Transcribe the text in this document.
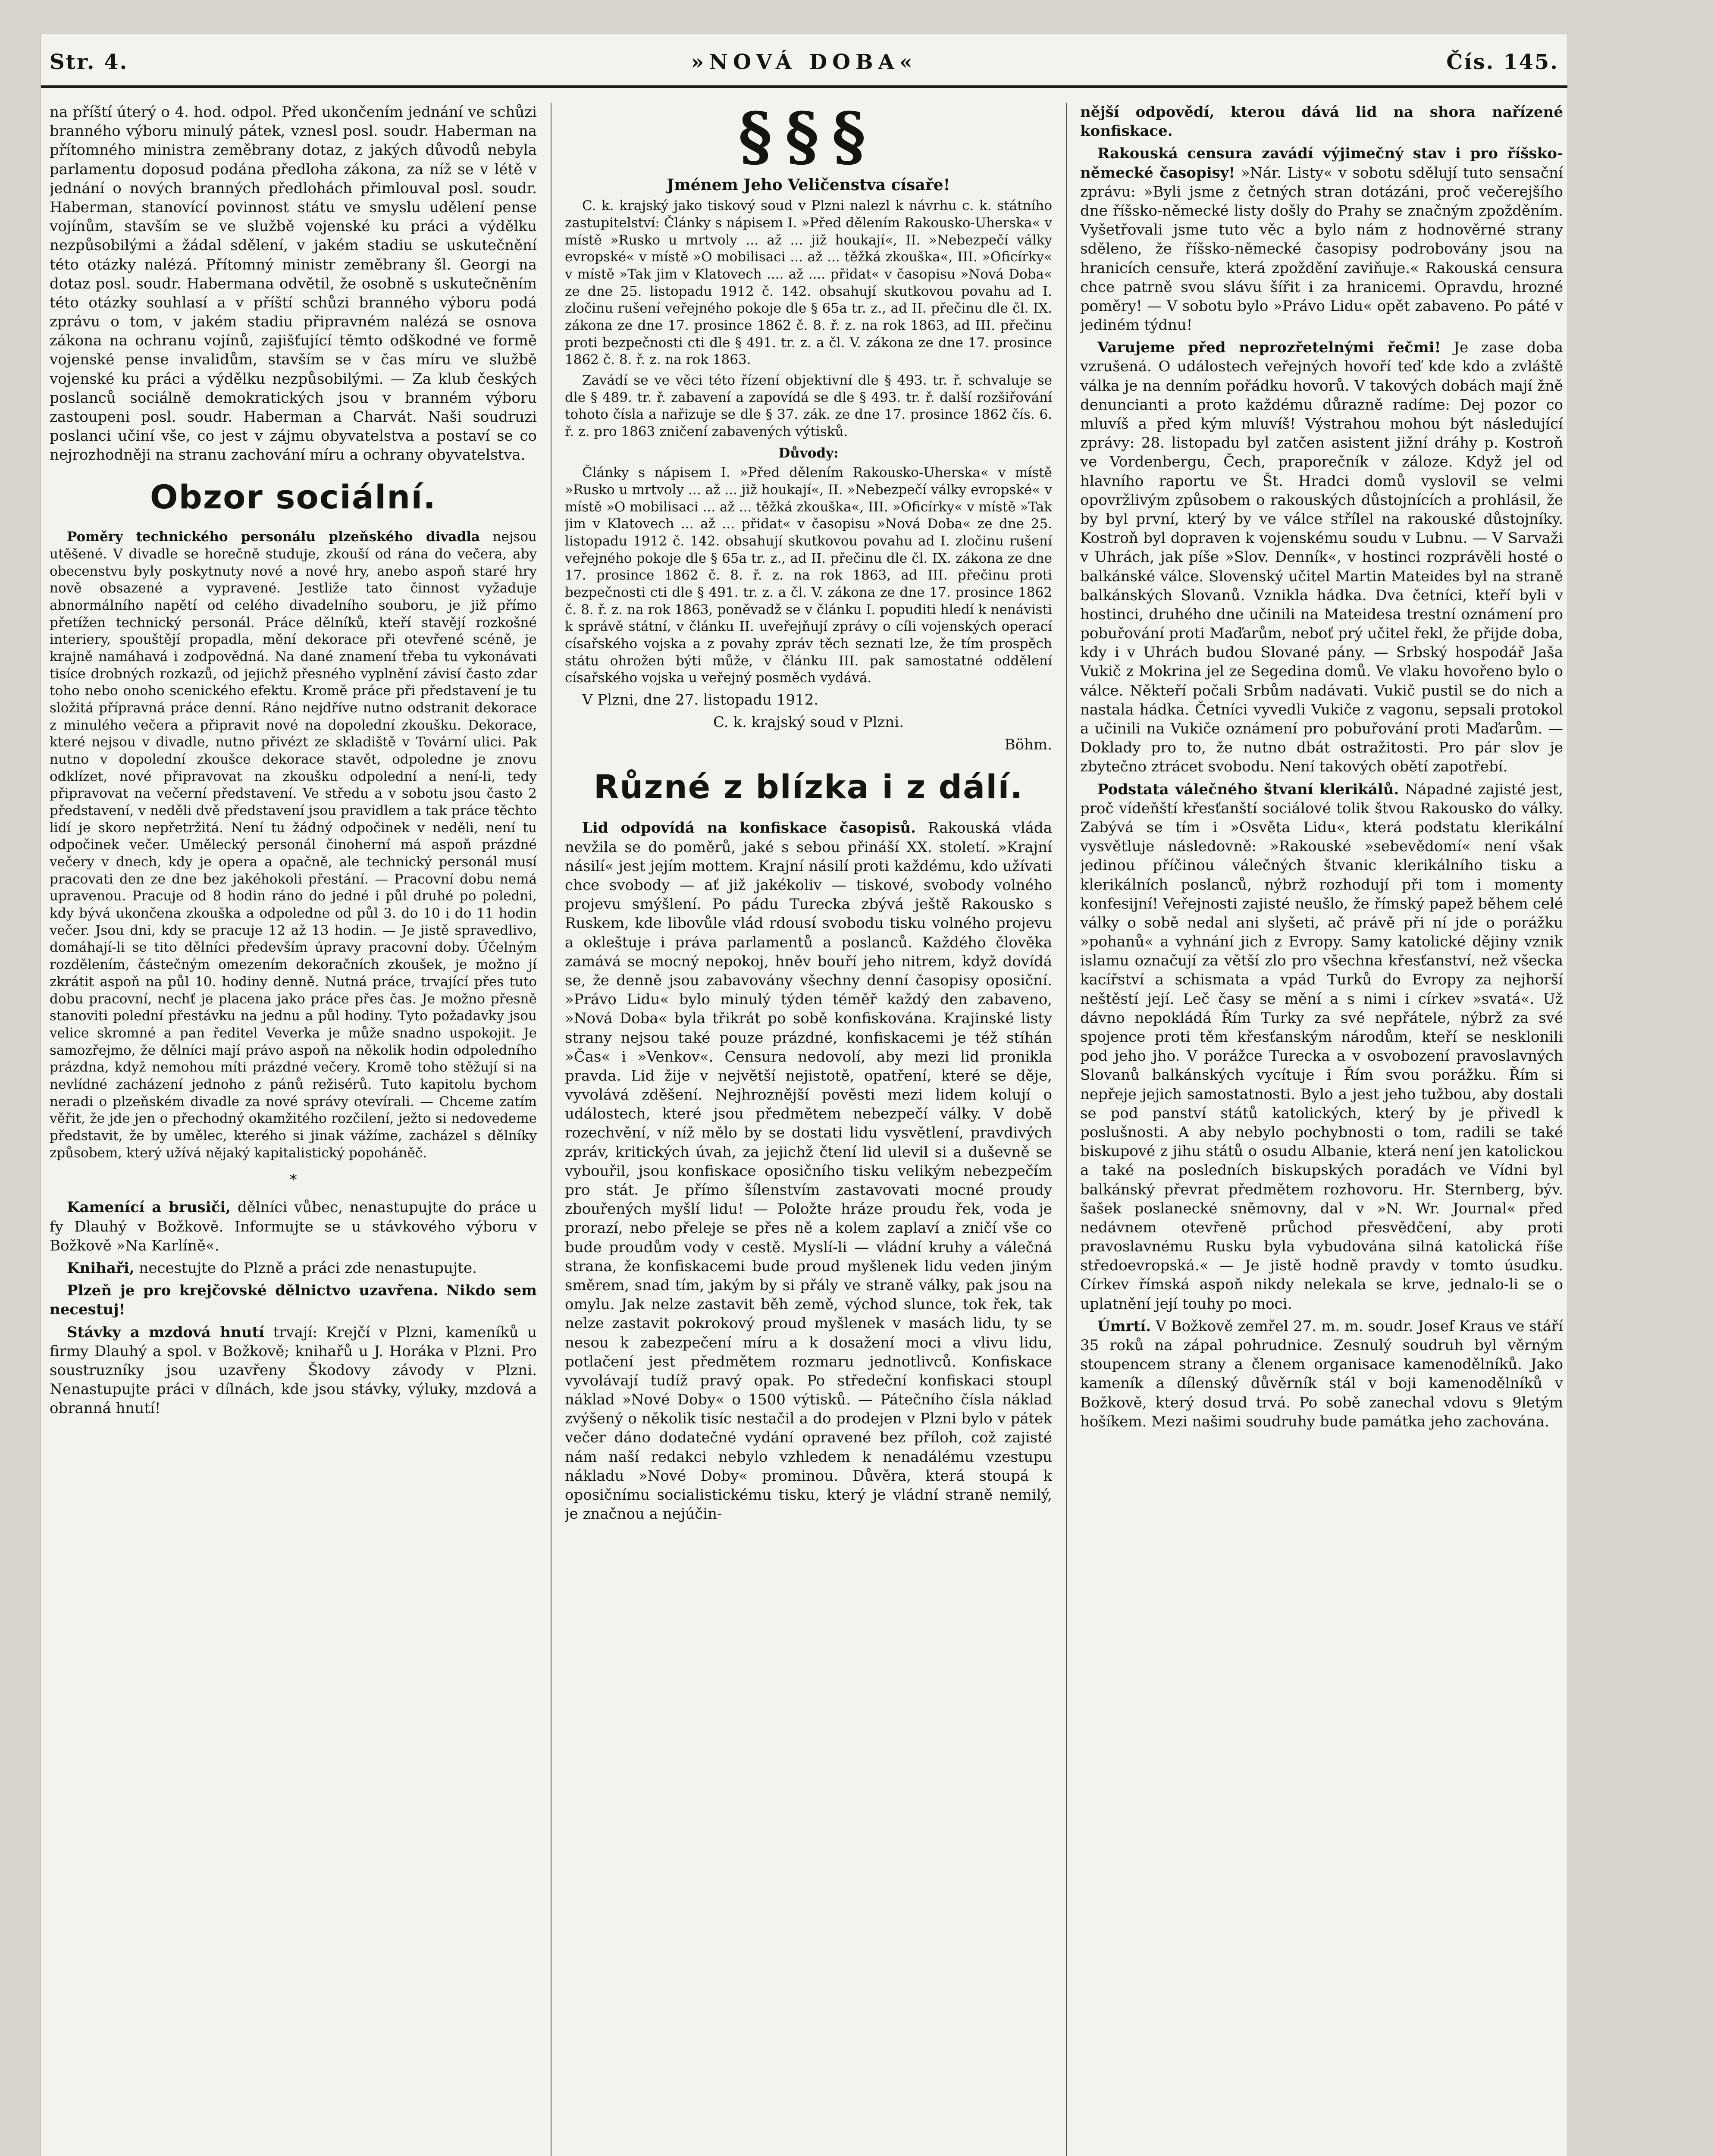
Str. 4.	»NOVÁ DOBA«	Čís. 145.

na příští úterý o 4. hod. odpol. Před ukončením jednání ve schůzi branného výboru minulý pátek, vznesl posl. soudr. Haberman na přítomného ministra zeměbrany dotaz, z jakých důvodů nebyla parlamentu doposud podána předloha zákona, za níž se v létě v jednání o nových branných předlohách přimlouval posl. soudr. Haberman, stanovící povinnost státu ve smyslu udělení pense vojínům, stavším se ve službě vojenské ku práci a výdělku nezpůsobilými a žádal sdělení, v jakém stadiu se uskutečnění této otázky nalézá. Přítomný ministr zeměbrany šl. Georgi na dotaz posl. soudr. Habermana odvětil, že osobně s uskutečněním této otázky souhlasí a v příští schůzi branného výboru podá zprávu o tom, v jakém stadiu připravném nalézá se osnova zákona na ochranu vojínů, zajišťující těmto odškodné ve formě vojenské pense invalidům, stavším se v čas míru ve službě vojenské ku práci a výdělku nezpůsobilými. — Za klub českých poslanců sociálně demokratických jsou v branném výboru zastoupeni posl. soudr. Haberman a Charvát. Naši soudruzi poslanci učiní vše, co jest v zájmu obyvatelstva a postaví se co nejrozhodněji na stranu zachování míru a ochrany obyvatelstva.

Obzor sociální.

Poměry technického personálu plzeňského divadla nejsou utěšené. V divadle se horečně studuje, zkouší od rána do večera, aby obecenstvu byly poskytnuty nové a nové hry, anebo aspoň staré hry nově obsazené a vypravené. Jestliže tato činnost vyžaduje abnormálního napětí od celého divadelního souboru, je již přímo přetížen technický personál. Práce dělníků, kteří stavějí rozkošné interiery, spouštějí propadla, mění dekorace při otevřené scéně, je krajně namáhavá i zodpovědná. Na dané znamení třeba tu vykonávati tisíce drobných rozkazů, od jejichž přesného vyplnění závisí často zdar toho nebo onoho scenického efektu. Kromě práce při představení je tu složitá přípravná práce denní. Ráno nejdříve nutno odstranit dekorace z minulého večera a připravit nové na dopolední zkoušku. Dekorace, které nejsou v divadle, nutno přivézt ze skladiště v Tovární ulici. Pak nutno v dopolední zkoušce dekorace stavět, odpoledne je znovu odklízet, nové připravovat na zkoušku odpolední a není-li, tedy připravovat na večerní představení. Ve středu a v sobotu jsou často 2 představení, v neděli dvě představení jsou pravidlem a tak práce těchto lidí je skoro nepřetržitá. Není tu žádný odpočinek v neděli, není tu odpočinek večer. Umělecký personál činoherní má aspoň prázdné večery v dnech, kdy je opera a opačně, ale technický personál musí pracovati den ze dne bez jakéhokoli přestání. — Pracovní dobu nemá upravenou. Pracuje od 8 hodin ráno do jedné i půl druhé po poledni, kdy bývá ukončena zkouška a odpoledne od půl 3. do 10 i do 11 hodin večer. Jsou dni, kdy se pracuje 12 až 13 hodin. — Je jistě spravedlivo, domáhají-li se tito dělníci především úpravy pracovní doby. Účelným rozdělením, částečným omezením dekoračních zkoušek, je možno jí zkrátit aspoň na půl 10. hodiny denně. Nutná práce, trvající přes tuto dobu pracovní, nechť je placena jako práce přes čas. Je možno přesně stanoviti polední přestávku na jednu a půl hodiny. Tyto požadavky jsou velice skromné a pan ředitel Veverka je může snadno uspokojit. Je samozřejmo, že dělníci mají právo aspoň na několik hodin odpoledního prázdna, když nemohou míti prázdné večery. Kromě toho stěžují si na nevlídné zacházení jednoho z pánů režisérů. Tuto kapitolu bychom neradi o plzeňském divadle za nové správy otevírali. — Chceme zatím věřit, že jde jen o přechodný okamžitého rozčilení, ježto si nedovedeme představit, že by umělec, kterého si jinak vážíme, zacházel s dělníky způsobem, který užívá nějaký kapitalistický popoháněč.

*

Kamenící a brusiči, dělníci vůbec, nenastupujte do práce u fy Dlauhý v Božkově. Informujte se u stávkového výboru v Božkově »Na Karlíně«.

Knihaři, necestujte do Plzně a práci zde nenastupujte.

Plzeň je pro krejčovské dělnictvo uzavřena. Nikdo sem necestuj!

Stávky a mzdová hnutí trvají: Krejčí v Plzni, kameníků u firmy Dlauhý a spol. v Božkově; knihařů u J. Horáka v Plzni. Pro soustruzníky jsou uzavřeny Škodovy závody v Plzni. Nenastupujte práci v dílnách, kde jsou stávky, výluky, mzdová a obranná hnutí!

§§§

Jménem Jeho Veličenstva císaře!

C. k. krajský jako tiskový soud v Plzni nalezl k návrhu c. k. státního zastupitelství: Články s nápisem I. »Před dělením Rakousko-Uherska« v místě »Rusko u mrtvoly ... až ... již houkají«, II. »Nebezpečí války evropské« v místě »O mobilisaci ... až ... těžká zkouška«, III. »Oficírky« v místě »Tak jim v Klatovech .... až .... přidat« v časopisu »Nová Doba« ze dne 25. listopadu 1912 č. 142. obsahují skutkovou povahu ad I. zločinu rušení veřejného pokoje dle § 65a tr. z., ad II. přečinu dle čl. IX. zákona ze dne 17. prosince 1862 č. 8. ř. z. na rok 1863, ad III. přečinu proti bezpečnosti cti dle § 491. tr. z. a čl. V. zákona ze dne 17. prosince 1862 č. 8. ř. z. na rok 1863.

Zavádí se ve věci této řízení objektivní dle § 493. tr. ř. schvaluje se dle § 489. tr. ř. zabavení a zapovídá se dle § 493. tr. ř. další rozšiřování tohoto čísla a nařizuje se dle § 37. zák. ze dne 17. prosince 1862 čís. 6. ř. z. pro 1863 zničení zabavených výtisků.

Důvody:

Články s nápisem I. »Před dělením Rakousko-Uherska« v místě »Rusko u mrtvoly ... až ... již houkají«, II. »Nebezpečí války evropské« v místě »O mobilisaci ... až ... těžká zkouška«, III. »Oficírky« v místě »Tak jim v Klatovech ... až ... přidat« v časopisu »Nová Doba« ze dne 25. listopadu 1912 č. 142. obsahují skutkovou povahu ad I. zločinu rušení veřejného pokoje dle § 65a tr. z., ad II. přečinu dle čl. IX. zákona ze dne 17. prosince 1862 č. 8. ř. z. na rok 1863, ad III. přečinu proti bezpečnosti cti dle § 491. tr. z. a čl. V. zákona ze dne 17. prosince 1862 č. 8. ř. z. na rok 1863, poněvadž se v článku I. popuditi hledí k nenávisti k správě státní, v článku II. uveřejňují zprávy o cíli vojenských operací císařského vojska a z povahy zpráv těch seznati lze, že tím prospěch státu ohrožen býti může, v článku III. pak samostatné oddělení císařského vojska u veřejný posměch vydává.

V Plzni, dne 27. listopadu 1912.

C. k. krajský soud v Plzni.

Böhm.

Různé z blízka i z dálí.

Lid odpovídá na konfiskace časopisů. Rakouská vláda nevžila se do poměrů, jaké s sebou přináší XX. století. »Krajní násilí« jest jejím mottem. Krajní násilí proti každému, kdo užívati chce svobody — ať již jakékoliv — tiskové, svobody volného projevu smýšlení. Po pádu Turecka zbývá ještě Rakousko s Ruskem, kde libovůle vlád rdousí svobodu tisku volného projevu a okleštuje i práva parlamentů a poslanců. Každého člověka zamává se mocný nepokoj, hněv bouří jeho nitrem, když dovídá se, že denně jsou zabavovány všechny denní časopisy oposiční. »Právo Lidu« bylo minulý týden téměř každý den zabaveno, »Nová Doba« byla třikrát po sobě konfiskována. Krajinské listy strany nejsou také pouze prázdné, konfiskacemi je též stíhán »Čas« i »Venkov«. Censura nedovolí, aby mezi lid pronikla pravda. Lid žije v největší nejistotě, opatření, které se děje, vyvolává zděšení. Nejhroznější pověsti mezi lidem kolují o událostech, které jsou předmětem nebezpečí války. V době rozechvění, v níž mělo by se dostati lidu vysvětlení, pravdivých zpráv, kritických úvah, za jejichž čtení lid ulevil si a duševně se vybouřil, jsou konfiskace oposičního tisku velikým nebezpečím pro stát. Je přímo šílenstvím zastavovati mocné proudy zbouřených myšlí lidu! — Položte hráze proudu řek, voda je prorazí, nebo přeleje se přes ně a kolem zaplaví a zničí vše co bude proudům vody v cestě. Myslí-li — vládní kruhy a válečná strana, že konfiskacemi bude proud myšlenek lidu veden jiným směrem, snad tím, jakým by si přály ve straně války, pak jsou na omylu. Jak nelze zastavit běh země, východ slunce, tok řek, tak nelze zastavit pokrokový proud myšlenek v masách lidu, ty se nesou k zabezpečení míru a k dosažení moci a vlivu lidu, potlačení jest předmětem rozmaru jednotlivců. Konfiskace vyvolávají tudíž pravý opak. Po středeční konfiskaci stoupl náklad »Nové Doby« o 1500 výtisků. — Pátečního čísla náklad zvýšený o několik tisíc nestačil a do prodejen v Plzni bylo v pátek večer dáno dodatečné vydání opravené bez příloh, což zajisté nám naší redakci nebylo vzhledem k nenadálému vzestupu nákladu »Nové Doby« prominou. Důvěra, která stoupá k oposičnímu socialistickému tisku, který je vládní straně nemilý, je značnou a nejúčin-

nější odpovědí, kterou dává lid na shora nařízené konfiskace.

Rakouská censura zavádí výjimečný stav i pro říšsko-německé časopisy! »Nár. Listy« v sobotu sdělují tuto sensační zprávu: »Byli jsme z četných stran dotázáni, proč večerejšího dne říšsko-německé listy došly do Prahy se značným zpožděním. Vyšetřovali jsme tuto věc a bylo nám z hodnověrné strany sděleno, že říšsko-německé časopisy podrobovány jsou na hranicích censuře, která zpoždění zaviňuje.« Rakouská censura chce patrně svou slávu šířit i za hranicemi. Opravdu, hrozné poměry! — V sobotu bylo »Právo Lidu« opět zabaveno. Po páté v jediném týdnu!

Varujeme před neprozřetelnými řečmi! Je zase doba vzrušená. O událostech veřejných hovoří teď kde kdo a zvláště válka je na denním pořádku hovorů. V takových dobách mají žně denuncianti a proto každému důrazně radíme: Dej pozor co mluvíš a před kým mluvíš! Výstrahou mohou být následující zprávy: 28. listopadu byl zatčen asistent jižní dráhy p. Kostroň ve Vordenbergu, Čech, praporečník v záloze. Když jel od hlavního raportu ve Št. Hradci domů vyslovil se velmi opovržlivým způsobem o rakouských důstojnících a prohlásil, že by byl první, který by ve válce střílel na rakouské důstojníky. Kostroň byl dopraven k vojenskému soudu v Lubnu. — V Sarvaži v Uhrách, jak píše »Slov. Denník«, v hostinci rozprávěli hosté o balkánské válce. Slovenský učitel Martin Mateides byl na straně balkánských Slovanů. Vznikla hádka. Dva četníci, kteří byli v hostinci, druhého dne učinili na Mateidesa trestní oznámení pro pobuřování proti Maďarům, neboť prý učitel řekl, že přijde doba, kdy i v Uhrách budou Slované pány. — Srbský hospodář Jaša Vukič z Mokrina jel ze Segedina domů. Ve vlaku hovořeno bylo o válce. Někteří počali Srbům nadávati. Vukič pustil se do nich a nastala hádka. Četníci vyvedli Vukiče z vagonu, sepsali protokol a učinili na Vukiče oznámení pro pobuřování proti Maďarům. — Doklady pro to, že nutno dbát ostražitosti. Pro pár slov je zbytečno ztrácet svobodu. Není takových obětí zapotřebí.

Podstata válečného štvaní klerikálů. Nápadné zajisté jest, proč vídeňští křesťanští sociálové tolik štvou Rakousko do války. Zabývá se tím i »Osvěta Lidu«, která podstatu klerikální vysvětluje následovně: »Rakouské »sebevědomí« není však jedinou příčinou válečných štvanic klerikálního tisku a klerikálních poslanců, nýbrž rozhodují při tom i momenty konfesijní! Veřejnosti zajisté neušlo, že římský papež během celé války o sobě nedal ani slyšeti, ač právě při ní jde o porážku »pohanů« a vyhnání jich z Evropy. Samy katolické dějiny vznik islamu označují za větší zlo pro všechna křesťanství, než všecka kacířství a schismata a vpád Turků do Evropy za nejhorší neštěstí její. Leč časy se mění a s nimi i církev »svatá«. Už dávno nepokládá Řím Turky za své nepřátele, nýbrž za své spojence proti těm křesťanským národům, kteří se nesklonili pod jeho jho. V porážce Turecka a v osvobození pravoslavných Slovanů balkánských vycítuje i Řím svou porážku. Řím si nepřeje jejich samostatnosti. Bylo a jest jeho tužbou, aby dostali se pod panství států katolických, který by je přivedl k poslušnosti. A aby nebylo pochybnosti o tom, radili se také biskupové z jihu států o osudu Albanie, která není jen katolickou a také na posledních biskupských poradách ve Vídni byl balkánský převrat předmětem rozhovoru. Hr. Sternberg, býv. šašek poslanecké sněmovny, dal v »N. Wr. Journal« před nedávnem otevřeně průchod přesvědčení, aby proti pravoslavnému Rusku byla vybudována silná katolická říše středoevropská.« — Je jistě hodně pravdy v tomto úsudku. Církev římská aspoň nikdy nelekala se krve, jednalo-li se o uplatnění její touhy po moci.

Úmrtí. V Božkově zemřel 27. m. m. soudr. Josef Kraus ve stáří 35 roků na zápal pohrudnice. Zesnulý soudruh byl věrným stoupencem strany a členem organisace kamenodělníků. Jako kameník a dílenský důvěrník stál v boji kamenodělníků v Božkově, který dosud trvá. Po sobě zanechal vdovu s 9letým hošíkem. Mezi našimi soudruhy bude památka jeho zachována.
